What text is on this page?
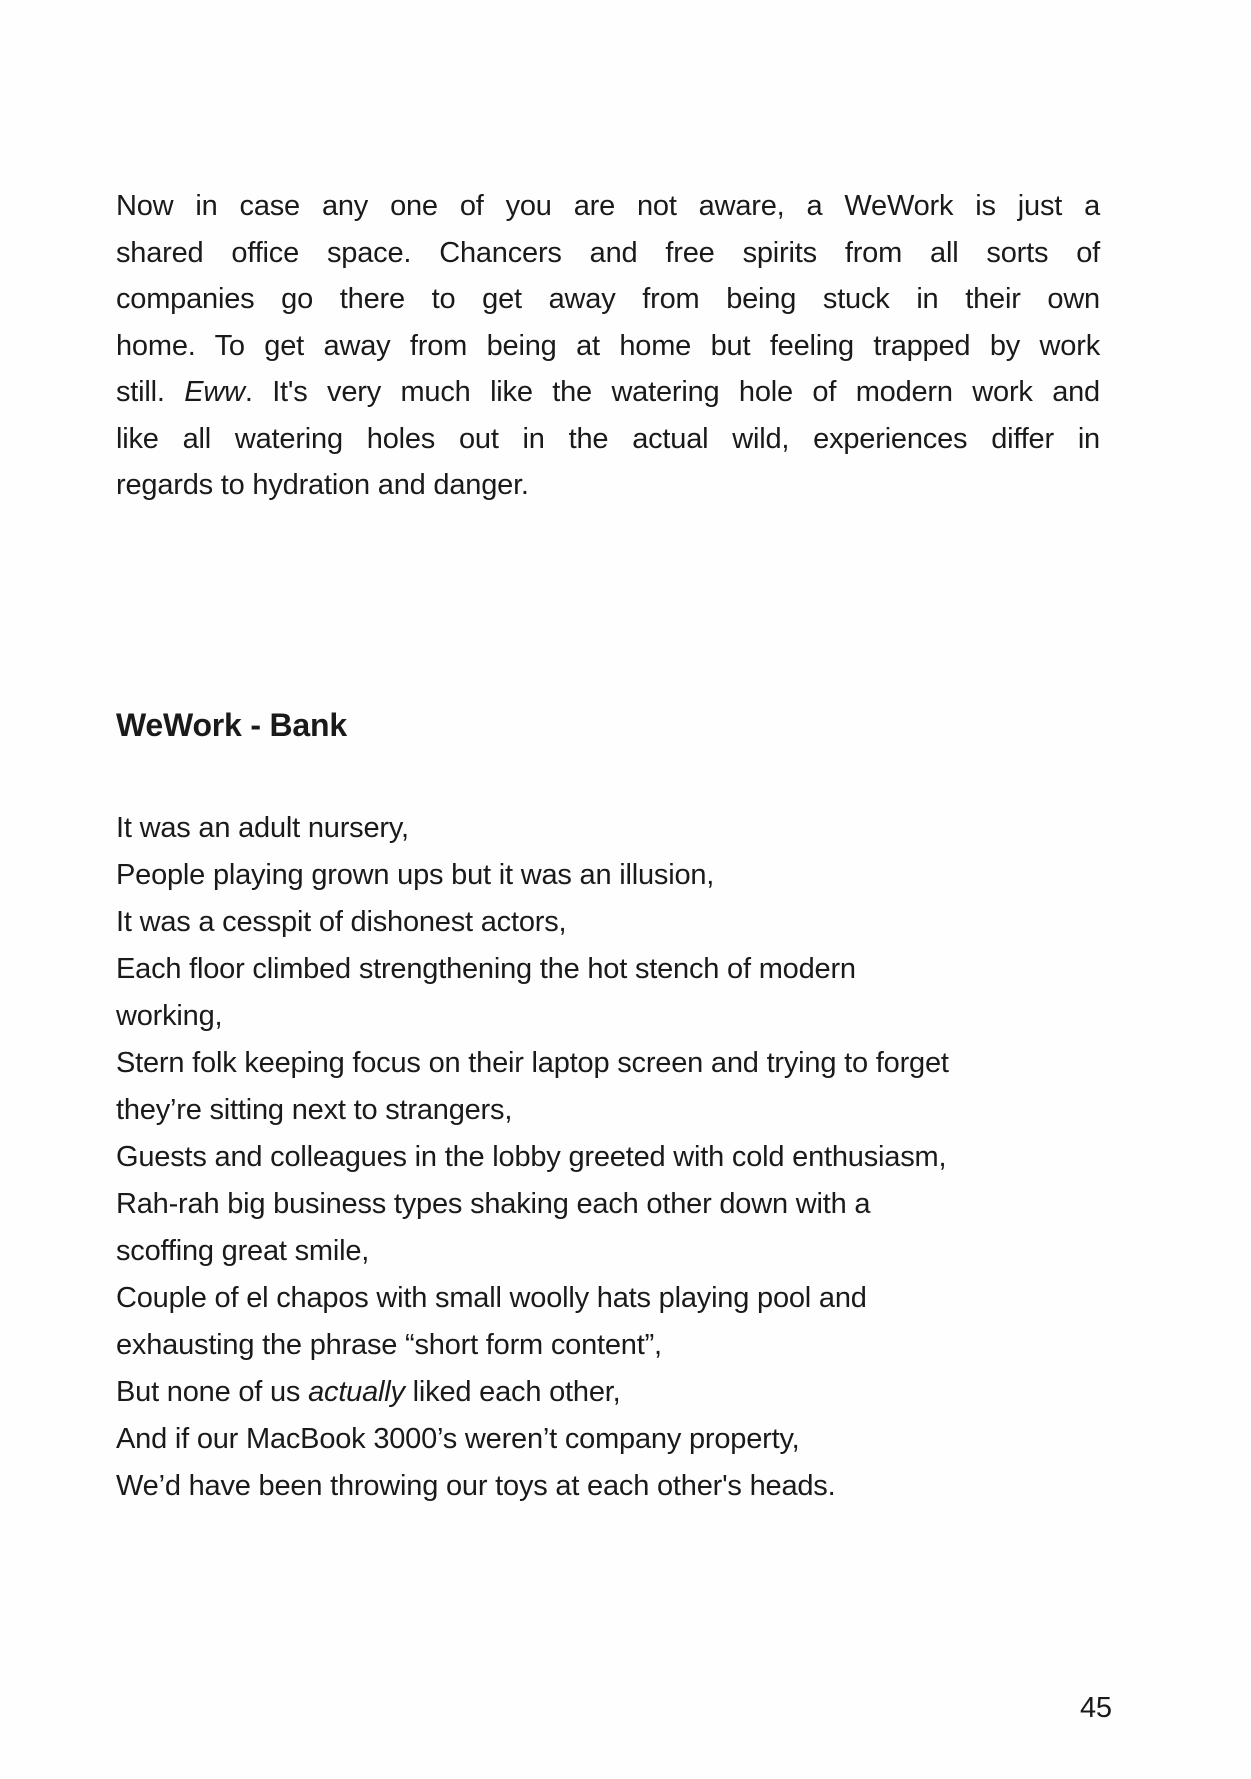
Now in case any one of you are not aware, a WeWork is just a
shared office space. Chancers and free spirits from all sorts of
companies go there to get away from being stuck in their own
home. To get away from being at home but feeling trapped by work
still. Eww. It's very much like the watering hole of modern work and
like all watering holes out in the actual wild, experiences differ in
regards to hydration and danger.
WeWork - Bank
It was an adult nursery,
People playing grown ups but it was an illusion,
It was a cesspit of dishonest actors,
Each floor climbed strengthening the hot stench of modern
working,
Stern folk keeping focus on their laptop screen and trying to forget
they’re sitting next to strangers,
Guests and colleagues in the lobby greeted with cold enthusiasm,
Rah-rah big business types shaking each other down with a
scoffing great smile,
Couple of el chapos with small woolly hats playing pool and
exhausting the phrase “short form content”,
But none of us actually liked each other,
And if our MacBook 3000’s weren’t company property,
We’d have been throwing our toys at each other's heads.
45
